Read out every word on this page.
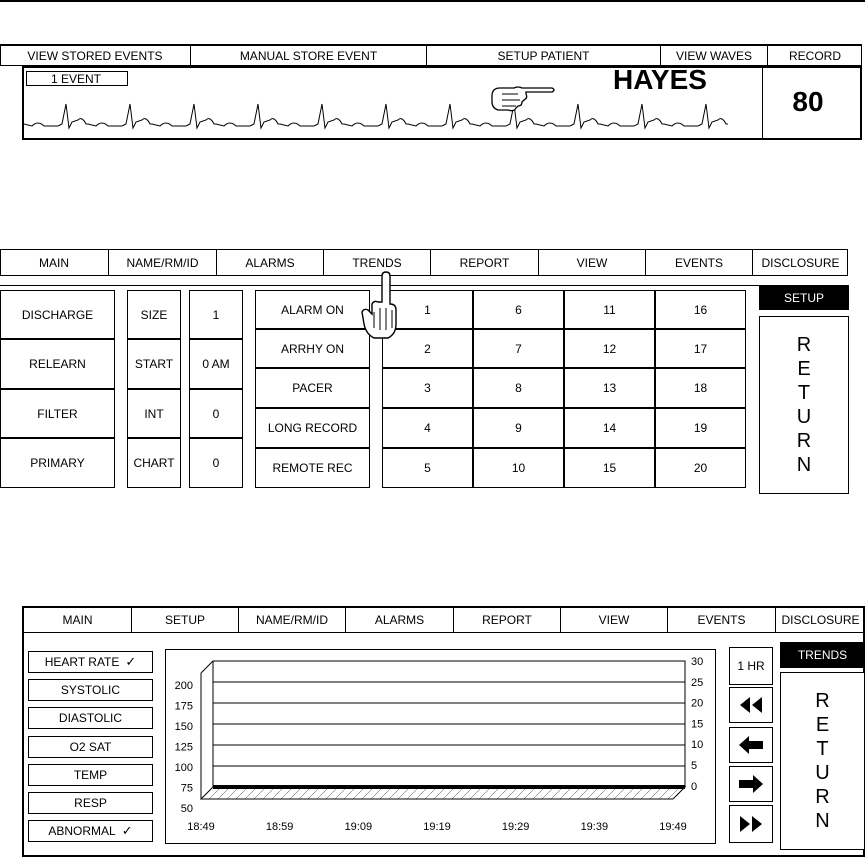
VIEW STORED EVENTS	MANUAL STORE EVENT	SETUP PATIENT	VIEW WAVES	RECORD
1 EVENT	HAYES
80
MAIN	NAME/RM/ID	ALARMS	TRENDS	REPORT	VIEW	EVENTS	DISCLOSURE
DISCHARGE
RELEARN
FILTER
PRIMARY
SIZE
START
INT
CHART
1
0 AM
0
0
ALARM ON
ARRHY ON
PACER
LONG RECORD
REMOTE REC
1	6	11	16
2	7	12	17
3	8	13	18
4	9	14	19
5	10	15	20
SETUP
R
E
T
U
R
N
MAIN	SETUP	NAME/RM/ID	ALARMS	REPORT	VIEW	EVENTS	DISCLOSURE
HEART RATE ✓
SYSTOLIC
DIASTOLIC
O2 SAT
TEMP
RESP
ABNORMAL ✓
200
175
150
125
100
75
50
30
25
20
15
10
5
0
18:49	18:59	19:09	19:19	19:29	19:39	19:49
1 HR
TRENDS
R
E
T
U
R
N
